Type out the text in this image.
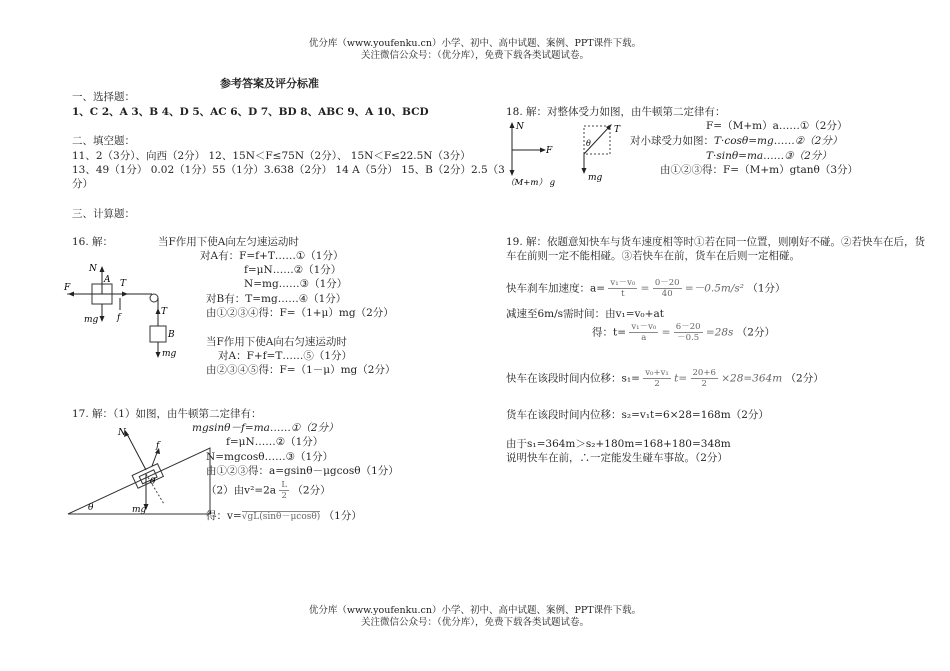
优分库（www.youfenku.cn）小学、初中、高中试题、案例、PPT课件下载。
关注微信公众号：（优分库），免费下载各类试题试卷。
参考答案及评分标准
一、选择题：
1、C 2、A 3、B 4、D 5、AC 6、D 7、BD 8、ABC 9、A 10、BCD
二、填空题：
11、2（3分）、向西（2分） 12、15N＜F≤75N（2分）、 15N＜F≤22.5N（3分）
13、49（1分） 0.02（1分）55（1分）3.638（2分） 14 A（5分） 15、B（2分）2.5（3
分）
三、计算题：
16. 解：	当F作用下使A向左匀速运动时
对A有：F=f+T……①（1分）
f=μN……②（1分）
N=mg……③（1分）
对B有：T=mg……④（1分）
由①②③④得：F=（1+μ）mg（2分）
当F作用下使A向右匀速运动时
对A：F+f=T……⑤（1分）
由②③④⑤得：F=（1－μ）mg（2分）
N
F
A T
f
mg
T
B
mg
17. 解：（1）如图，由牛顿第二定律有：
mgsinθ－f=ma……①（2分）
f=μN……②（1分）
N=mgcosθ……③（1分）
由①②③得：a=gsinθ－μgcosθ（1分）
（2）由$v^2=2a \frac{L}{2} (2$分）
得：v=√gL(sinθ－μcosθ) （1分）
N
f
θ
θ	mg
18. 解：对整体受力如图，由牛顿第二定律有：
F=（M+m）a……①（2分）
对小球受力如图：T·cosθ=mg……②（2分）
T·sinθ=ma……③（2分）
由①②③得：F=（M+m）gtanθ（3分）
N
F
（M+m） g
T
θ
mg
19. 解：依题意知快车与货车速度相等时①若在同一位置，则刚好不碰。②若快车在后，货
车在前则一定不能相碰。③若快车在前，货车在后则一定相碰。
快车刹车加速度：$a= \frac{\text{v₁－v₀}}{t} = \frac{0-20}{40} =-0.5m/s^2$ （1分）
减速至6m/s需时间：由v₁=v₀+at
得：$t= \frac{\text{v₁－v₀}}{a} = \frac{6-20}{-0.5} =28s$ （2分）
快车在该段时间内位移：$s_1= \frac{\text{v₀+v₁}}{2} t= \frac{20+6}{2} \times 28=364m$ （2分）
货车在该段时间内位移：s₂=v₁t=6×28=168m（2分）
由于s₁=364m＞s₂+180m=168+180=348m
说明快车在前，∴一定能发生碰车事故。（2分）
优分库（www.youfenku.cn）小学、初中、高中试题、案例、PPT课件下载。
关注微信公众号：（优分库），免费下载各类试题试卷。
